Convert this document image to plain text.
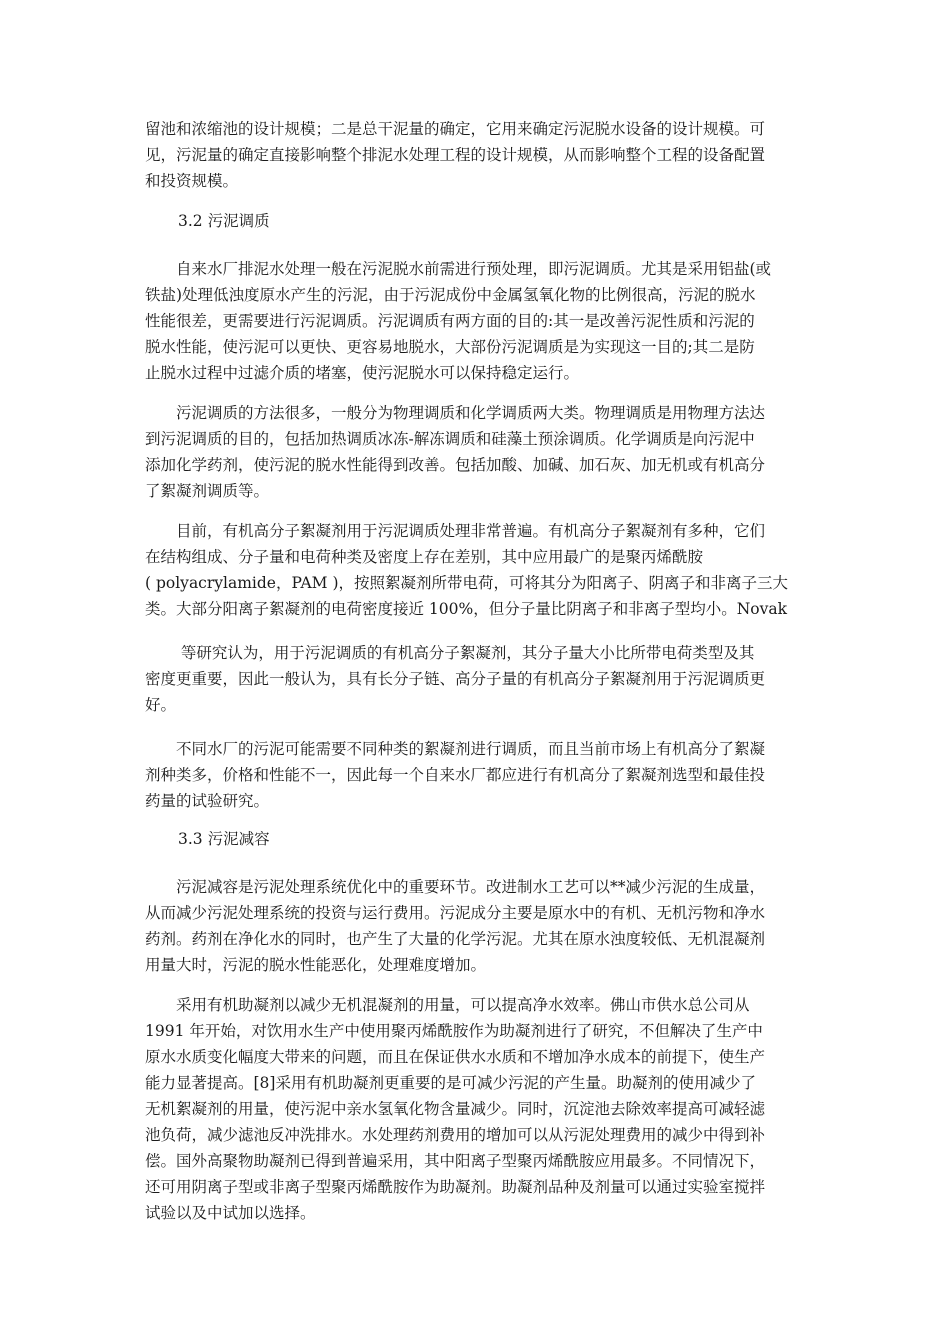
留池和浓缩池的设计规模；二是总干泥量的确定，它用来确定污泥脱水设备的设计规模。可
见，污泥量的确定直接影响整个排泥水处理工程的设计规模，从而影响整个工程的设备配置
和投资规模。
3.2 污泥调质
　　自来水厂排泥水处理一般在污泥脱水前需进行预处理，即污泥调质。尤其是采用铝盐(或
铁盐)处理低浊度原水产生的污泥，由于污泥成份中金属氢氧化物的比例很高，污泥的脱水
性能很差，更需要进行污泥调质。污泥调质有两方面的目的:其一是改善污泥性质和污泥的
脱水性能，使污泥可以更快、更容易地脱水，大部份污泥调质是为实现这一目的;其二是防
止脱水过程中过滤介质的堵塞，使污泥脱水可以保持稳定运行。
　　污泥调质的方法很多，一般分为物理调质和化学调质两大类。物理调质是用物理方法达
到污泥调质的目的，包括加热调质冰冻-解冻调质和硅藻土预涂调质。化学调质是向污泥中
添加化学药剂，使污泥的脱水性能得到改善。包括加酸、加碱、加石灰、加无机或有机高分
了絮凝剂调质等。
　　目前，有机高分子絮凝剂用于污泥调质处理非常普遍。有机高分子絮凝剂有多种，它们
在结构组成、分子量和电荷种类及密度上存在差别，其中应用最广的是聚丙烯酰胺
( polyacrylamide，PAM )，按照絮凝剂所带电荷，可将其分为阳离子、阴离子和非离子三大
类。大部分阳离子絮凝剂的电荷密度接近 100%，但分子量比阴离子和非离子型均小。Novak
　　 等研究认为，用于污泥调质的有机高分子絮凝剂，其分子量大小比所带电荷类型及其
密度更重要，因此一般认为，具有长分子链、高分子量的有机高分子絮凝剂用于污泥调质更
好。
　　不同水厂的污泥可能需要不同种类的絮凝剂进行调质，而且当前市场上有机高分了絮凝
剂种类多，价格和性能不一，因此每一个自来水厂都应进行有机高分了絮凝剂选型和最佳投
药量的试验研究。
3.3 污泥减容
　　污泥减容是污泥处理系统优化中的重要环节。改进制水工艺可以**减少污泥的生成量，
从而减少污泥处理系统的投资与运行费用。污泥成分主要是原水中的有机、无机污物和净水
药剂。药剂在净化水的同时，也产生了大量的化学污泥。尤其在原水浊度较低、无机混凝剂
用量大时，污泥的脱水性能恶化，处理难度增加。
　　采用有机助凝剂以减少无机混凝剂的用量，可以提高净水效率。佛山市供水总公司从
1991 年开始，对饮用水生产中使用聚丙烯酰胺作为助凝剂进行了研究，不但解决了生产中
原水水质变化幅度大带来的问题，而且在保证供水水质和不增加净水成本的前提下，使生产
能力显著提高。[8]采用有机助凝剂更重要的是可减少污泥的产生量。助凝剂的使用减少了
无机絮凝剂的用量，使污泥中亲水氢氧化物含量减少。同时，沉淀池去除效率提高可减轻滤
池负荷，减少滤池反冲洗排水。水处理药剂费用的增加可以从污泥处理费用的减少中得到补
偿。国外高聚物助凝剂已得到普遍采用，其中阳离子型聚丙烯酰胺应用最多。不同情况下，
还可用阴离子型或非离子型聚丙烯酰胺作为助凝剂。助凝剂品种及剂量可以通过实验室搅拌
试验以及中试加以选择。
